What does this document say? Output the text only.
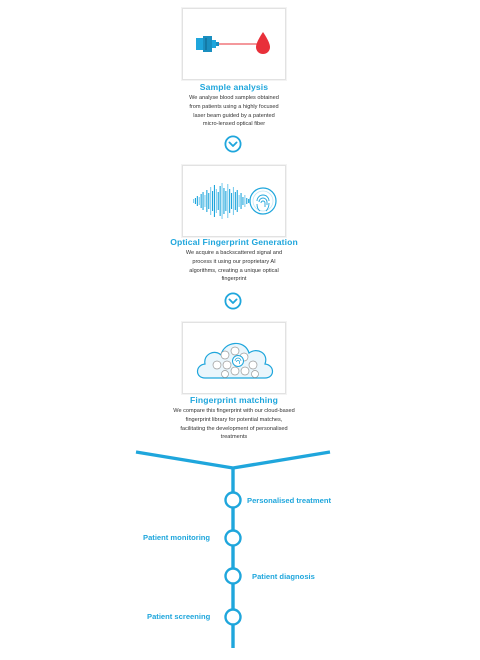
Sample analysis
We analyse blood samples obtained
from patients using a highly focused
laser beam guided by a patented
micro-lensed optical fiber
Optical Fingerprint Generation
We acquire a backscattered signal and
process it using our proprietary AI
algorithms, creating a unique optical
fingerprint
Fingerprint matching
We compare this fingerprint with our cloud-based
fingerprint library for potential matches,
facilitating the development of personalised
treatments
Personalised treatment
Patient monitoring
Patient diagnosis
Patient screening
